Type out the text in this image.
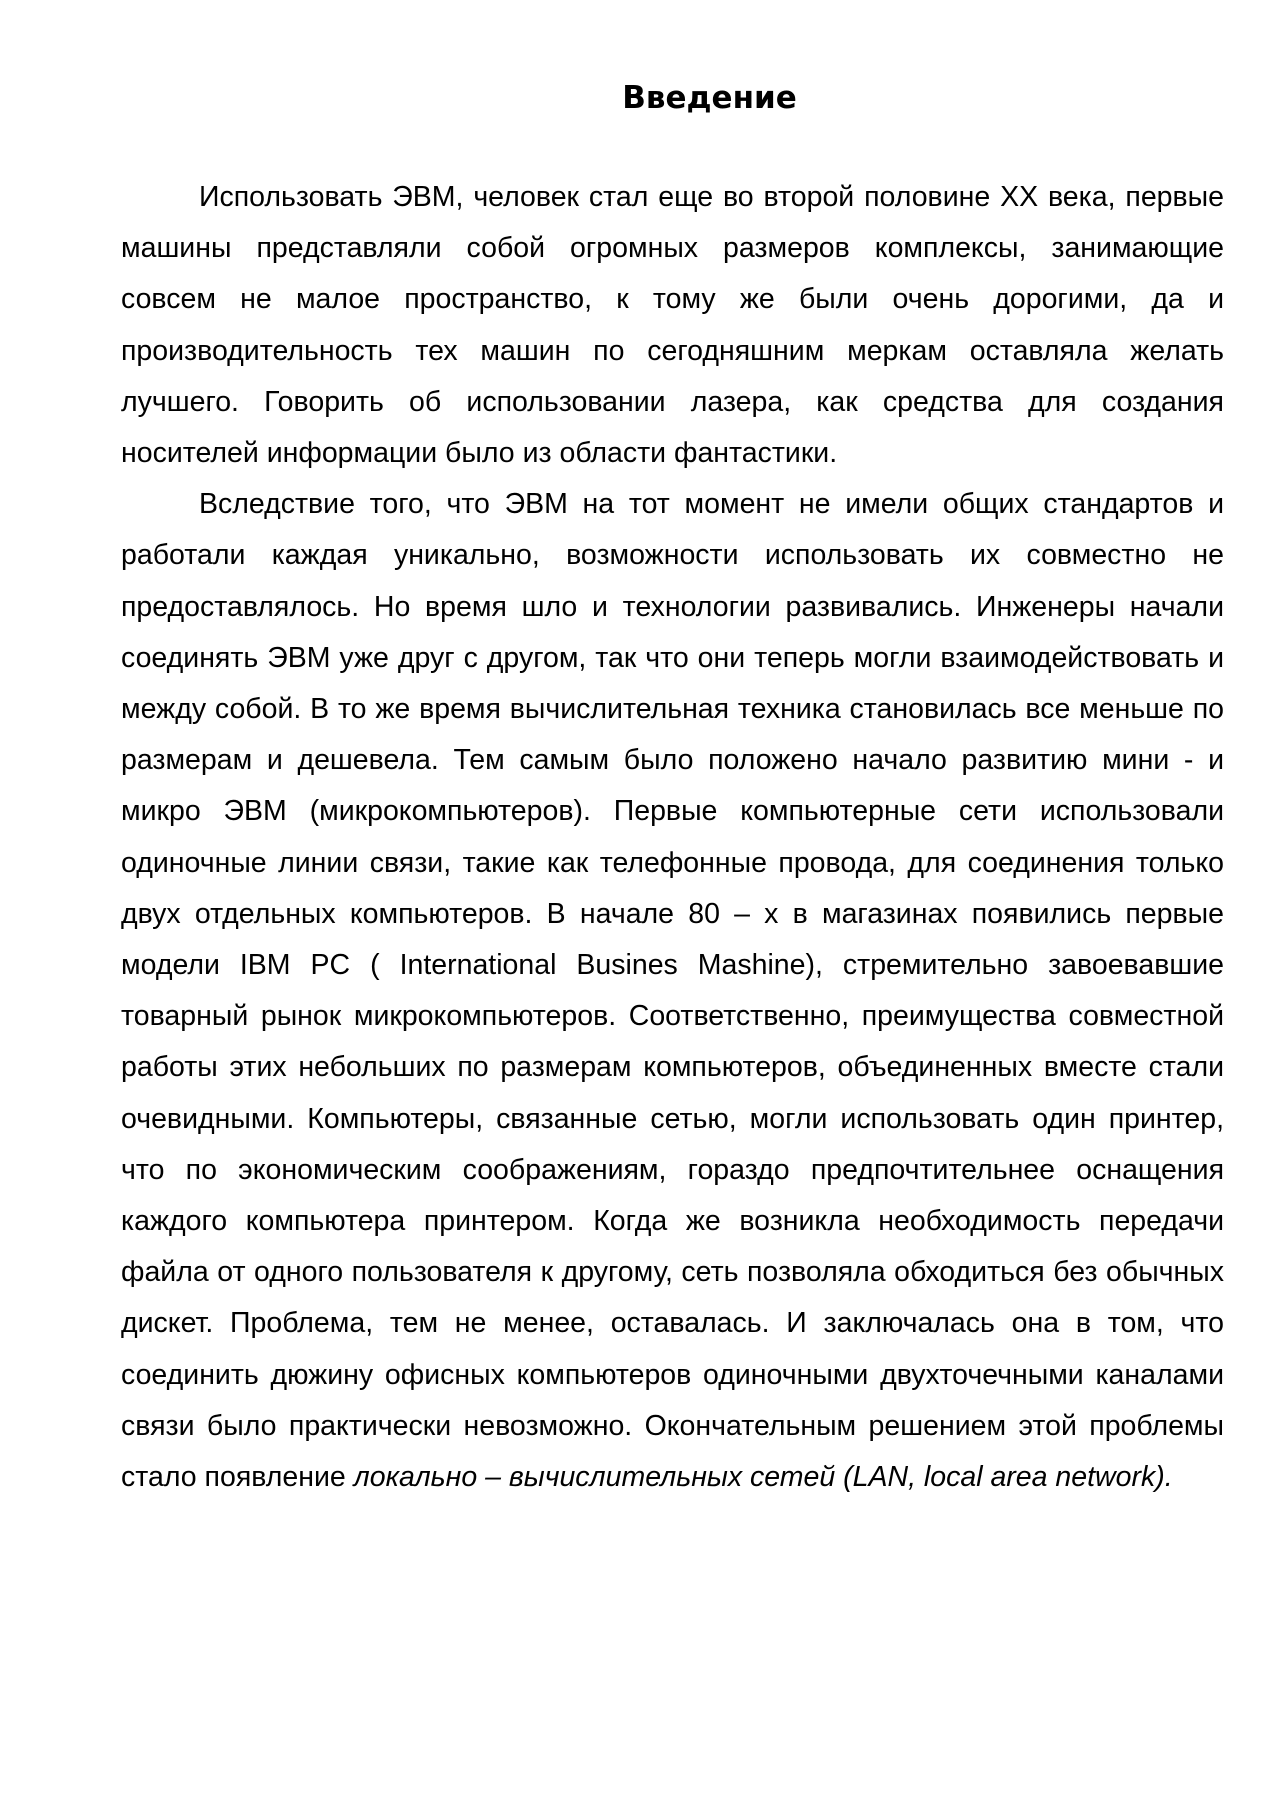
Введение

Использовать ЭВМ, человек стал еще во второй половине XX века, первые машины представляли собой огромных размеров комплексы, занимающие совсем не малое пространство, к тому же были очень дорогими, да и производительность тех машин по сегодняшним меркам оставляла желать лучшего. Говорить об использовании лазера, как средства для создания носителей информации было из области фантастики.

Вследствие того, что ЭВМ на тот момент не имели общих стандартов и работали каждая уникально, возможности использовать их совместно не предоставлялось. Но время шло и технологии развивались. Инженеры начали соединять ЭВМ уже друг с другом, так что они теперь могли взаимодействовать и между собой. В то же время вычислительная техника становилась все меньше по размерам и дешевела. Тем самым было положено начало развитию мини - и микро ЭВМ (микрокомпьютеров). Первые компьютерные сети использовали одиночные линии связи, такие как телефонные провода, для соединения только двух отдельных компьютеров. В начале 80 – х в магазинах появились первые модели IBM PC ( International Busines Mashine), стремительно завоевавшие товарный рынок микрокомпьютеров. Соответственно, преимущества совместной работы этих небольших по размерам компьютеров, объединенных вместе стали очевидными. Компьютеры, связанные сетью, могли использовать один принтер, что по экономическим соображениям, гораздо предпочтительнее оснащения каждого компьютера принтером. Когда же возникла необходимость передачи файла от одного пользователя к другому, сеть позволяла обходиться без обычных дискет. Проблема, тем не менее, оставалась. И заключалась она в том, что соединить дюжину офисных компьютеров одиночными двухточечными каналами связи было практически невозможно. Окончательным решением этой проблемы стало появление локально – вычислительных сетей (LAN, local area network).
